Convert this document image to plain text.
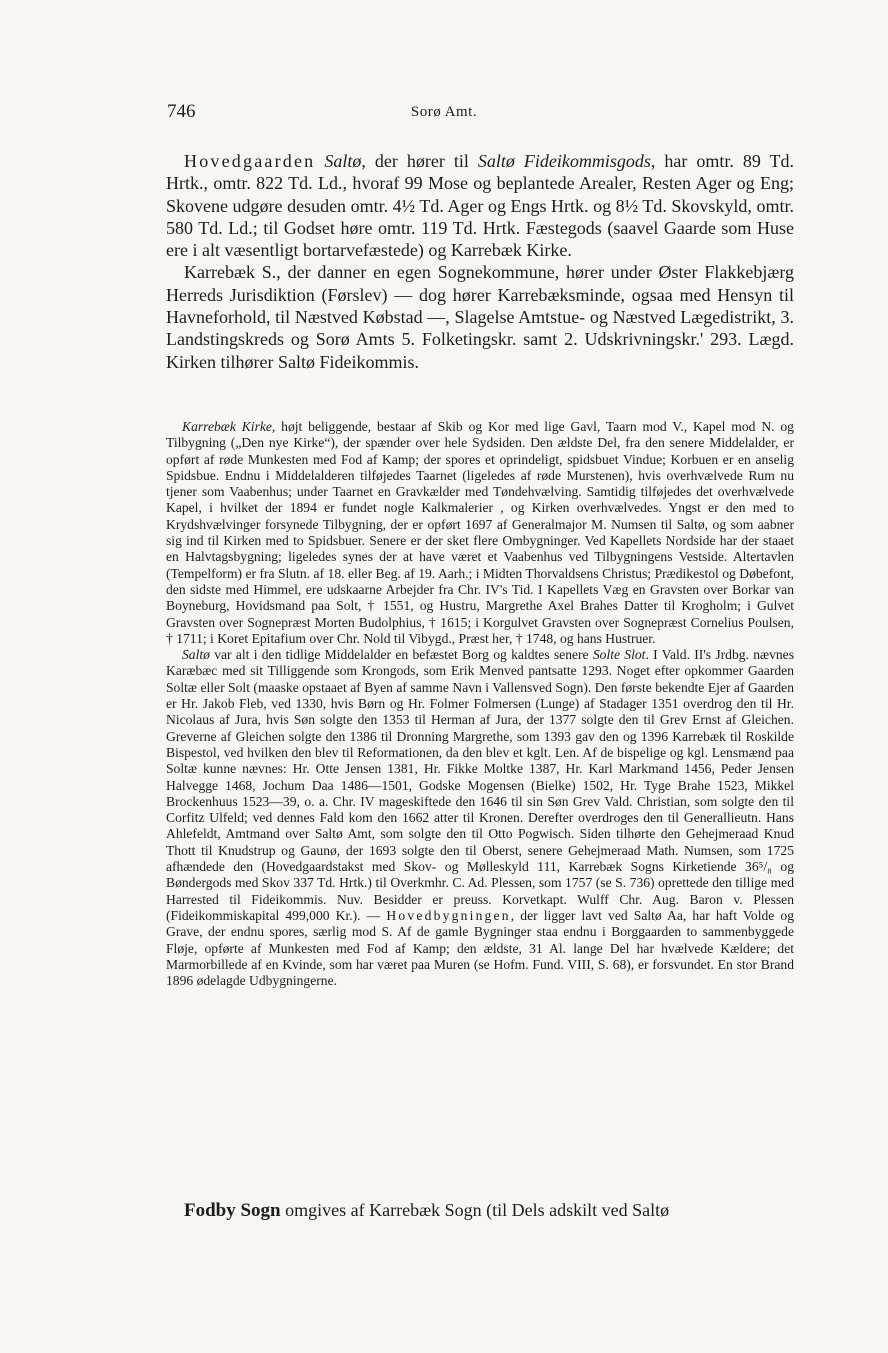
746	Sorø Amt.

Hovedgaarden Saltø, der hører til Saltø Fideikommisgods, har omtr. 89 Td. Hrtk., omtr. 822 Td. Ld., hvoraf 99 Mose og beplantede Arealer, Resten Ager og Eng; Skovene udgøre desuden omtr. 4½ Td. Ager og Engs Hrtk. og 8½ Td. Skovskyld, omtr. 580 Td. Ld.; til Godset høre omtr. 119 Td. Hrtk. Fæstegods (saavel Gaarde som Huse ere i alt væsentligt bortarvefæstede) og Karrebæk Kirke.

Karrebæk S., der danner en egen Sognekommune, hører under Øster Flakkebjærg Herreds Jurisdiktion (Førslev) — dog hører Karrebæksminde, ogsaa med Hensyn til Havneforhold, til Næstved Købstad —, Slagelse Amtstue- og Næstved Lægedistrikt, 3. Landstingskreds og Sorø Amts 5. Folketingskr. samt 2. Udskrivningskr.' 293. Lægd. Kirken tilhører Saltø Fideikommis.

Karrebæk Kirke, højt beliggende, bestaar af Skib og Kor med lige Gavl, Taarn mod V., Kapel mod N. og Tilbygning („Den nye Kirke“), der spænder over hele Sydsiden. Den ældste Del, fra den senere Middelalder, er opført af røde Munkesten med Fod af Kamp; der spores et oprindeligt, spidsbuet Vindue; Korbuen er en anselig Spidsbue. Endnu i Middelalderen tilføjedes Taarnet (ligeledes af røde Murstenen), hvis overhvælvede Rum nu tjener som Vaabenhus; under Taarnet en Gravkælder med Tøndehvælving. Samtidig tilføjedes det overhvælvede Kapel, i hvilket der 1894 er fundet nogle Kalkmalerier , og Kirken overhvælvedes. Yngst er den med to Krydshvælvinger forsynede Tilbygning, der er opført 1697 af Generalmajor M. Numsen til Saltø, og som aabner sig ind til Kirken med to Spidsbuer. Senere er der sket flere Ombygninger. Ved Kapellets Nordside har der staaet en Halvtagsbygning; ligeledes synes der at have været et Vaabenhus ved Tilbygningens Vestside. Altertavlen (Tempelform) er fra Slutn. af 18. eller Beg. af 19. Aarh.; i Midten Thorvaldsens Christus; Prædikestol og Døbefont, den sidste med Himmel, ere udskaarne Arbejder fra Chr. IV's Tid. I Kapellets Væg en Gravsten over Borkar van Boyneburg, Hovidsmand paa Solt, † 1551, og Hustru, Margrethe Axel Brahes Datter til Krogholm; i Gulvet Gravsten over Sognepræst Morten Budolphius, † 1615; i Korgulvet Gravsten over Sognepræst Cornelius Poulsen, † 1711; i Koret Epitafium over Chr. Nold til Vibygd., Præst her, † 1748, og hans Hustruer.

Saltø var alt i den tidlige Middelalder en befæstet Borg og kaldtes senere Solte Slot. I Vald. II's Jrdbg. nævnes Karæbæc med sit Tilliggende som Krongods, som Erik Menved pantsatte 1293. Noget efter opkommer Gaarden Soltæ eller Solt (maaske opstaaet af Byen af samme Navn i Vallensved Sogn). Den første bekendte Ejer af Gaarden er Hr. Jakob Fleb, ved 1330, hvis Børn og Hr. Folmer Folmersen (Lunge) af Stadager 1351 overdrog den til Hr. Nicolaus af Jura, hvis Søn solgte den 1353 til Herman af Jura, der 1377 solgte den til Grev Ernst af Gleichen. Greverne af Gleichen solgte den 1386 til Dronning Margrethe, som 1393 gav den og 1396 Karrebæk til Roskilde Bispestol, ved hvilken den blev til Reformationen, da den blev et kglt. Len. Af de bispelige og kgl. Lensmænd paa Soltæ kunne nævnes: Hr. Otte Jensen 1381, Hr. Fikke Moltke 1387, Hr. Karl Markmand 1456, Peder Jensen Halvegge 1468, Jochum Daa 1486—1501, Godske Mogensen (Bielke) 1502, Hr. Tyge Brahe 1523, Mikkel Brockenhuus 1523—39, o. a. Chr. IV mageskiftede den 1646 til sin Søn Grev Vald. Christian, som solgte den til Corfitz Ulfeld; ved dennes Fald kom den 1662 atter til Kronen. Derefter overdroges den til Generallieutn. Hans Ahlefeldt, Amtmand over Saltø Amt, som solgte den til Otto Pogwisch. Siden tilhørte den Gehejmeraad Knud Thott til Knudstrup og Gaunø, der 1693 solgte den til Oberst, senere Gehejmeraad Math. Numsen, som 1725 afhændede den (Hovedgaardstakst med Skov- og Mølleskyld 111, Karrebæk Sogns Kirketiende 36⁵/₈ og Bøndergods med Skov 337 Td. Hrtk.) til Overkmhr. C. Ad. Plessen, som 1757 (se S. 736) oprettede den tillige med Harrested til Fideikommis. Nuv. Besidder er preuss. Korvetkapt. Wulff Chr. Aug. Baron v. Plessen (Fideikommiskapital 499,000 Kr.). — Hovedbygningen, der ligger lavt ved Saltø Aa, har haft Volde og Grave, der endnu spores, særlig mod S. Af de gamle Bygninger staa endnu i Borggaarden to sammenbyggede Fløje, opførte af Munkesten med Fod af Kamp; den ældste, 31 Al. lange Del har hvælvede Kældere; det Marmorbillede af en Kvinde, som har været paa Muren (se Hofm. Fund. VIII, S. 68), er forsvundet. En stor Brand 1896 ødelagde Udbygningerne.

Fodby Sogn omgives af Karrebæk Sogn (til Dels adskilt ved Saltø
